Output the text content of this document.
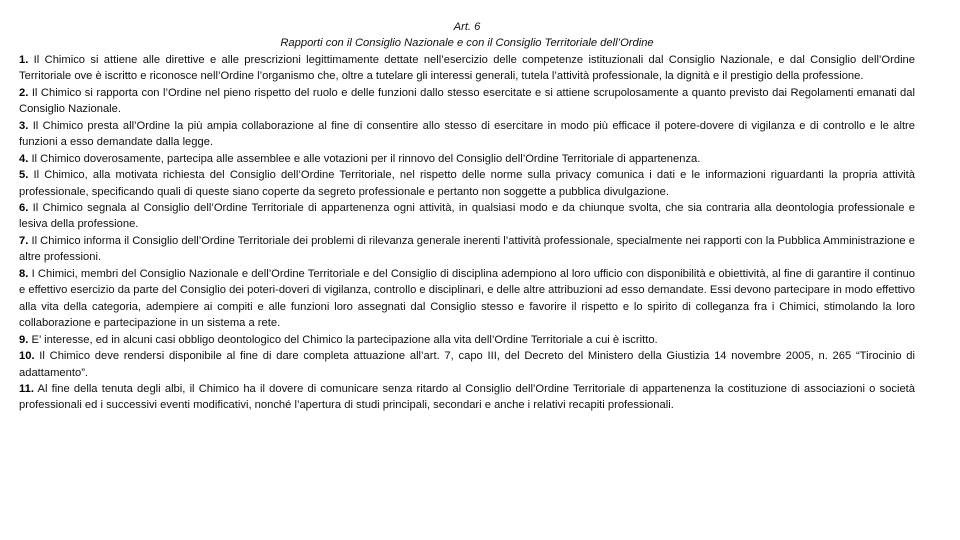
Art. 6

Rapporti con il Consiglio Nazionale e con il Consiglio Territoriale dell’Ordine

1. Il Chimico si attiene alle direttive e alle prescrizioni legittimamente dettate nell’esercizio delle competenze istituzionali dal Consiglio Nazionale, e dal Consiglio dell’Ordine Territoriale ove è iscritto e riconosce nell’Ordine l’organismo che, oltre a tutelare gli interessi generali, tutela l’attività professionale, la dignità e il prestigio della professione.

2. Il Chimico si rapporta con l’Ordine nel pieno rispetto del ruolo e delle funzioni dallo stesso esercitate e si attiene scrupolosamente a quanto previsto dai Regolamenti emanati dal Consiglio Nazionale.

3. Il Chimico presta all’Ordine la più ampia collaborazione al fine di consentire allo stesso di esercitare in modo più efficace il potere-dovere di vigilanza e di controllo e le altre funzioni a esso demandate dalla legge.

4. Il Chimico doverosamente, partecipa alle assemblee e alle votazioni per il rinnovo del Consiglio dell’Ordine Territoriale di appartenenza.

5. Il Chimico, alla motivata richiesta del Consiglio dell’Ordine Territoriale, nel rispetto delle norme sulla privacy comunica i dati e le informazioni riguardanti la propria attività professionale, specificando quali di queste siano coperte da segreto professionale e pertanto non soggette a pubblica divulgazione.

6. Il Chimico segnala al Consiglio dell’Ordine Territoriale di appartenenza ogni attività, in qualsiasi modo e da chiunque svolta, che sia contraria alla deontologia professionale e lesiva della professione.

7. Il Chimico informa il Consiglio dell’Ordine Territoriale dei problemi di rilevanza generale inerenti l’attività professionale, specialmente nei rapporti con la Pubblica Amministrazione e altre professioni.

8. I Chimici, membri del Consiglio Nazionale e dell’Ordine Territoriale e del Consiglio di disciplina adempiono al loro ufficio con disponibilità e obiettività, al fine di garantire il continuo e effettivo esercizio da parte del Consiglio dei poteri-doveri di vigilanza, controllo e disciplinari, e delle altre attribuzioni ad esso demandate. Essi devono partecipare in modo effettivo alla vita della categoria, adempiere ai compiti e alle funzioni loro assegnati dal Consiglio stesso e favorire il rispetto e lo spirito di colleganza fra i Chimici, stimolando la loro collaborazione e partecipazione in un sistema a rete.

9. E’ interesse, ed in alcuni casi obbligo deontologico del Chimico la partecipazione alla vita dell’Ordine Territoriale a cui è iscritto.

10. Il Chimico deve rendersi disponibile al fine di dare completa attuazione all’art. 7, capo III, del Decreto del Ministero della Giustizia 14 novembre 2005, n. 265 “Tirocinio di adattamento”.

11. Al fine della tenuta degli albi, il Chimico ha il dovere di comunicare senza ritardo al Consiglio dell’Ordine Territoriale di appartenenza la costituzione di associazioni o società professionali ed i successivi eventi modificativi, nonché l’apertura di studi principali, secondari e anche i relativi recapiti professionali.
